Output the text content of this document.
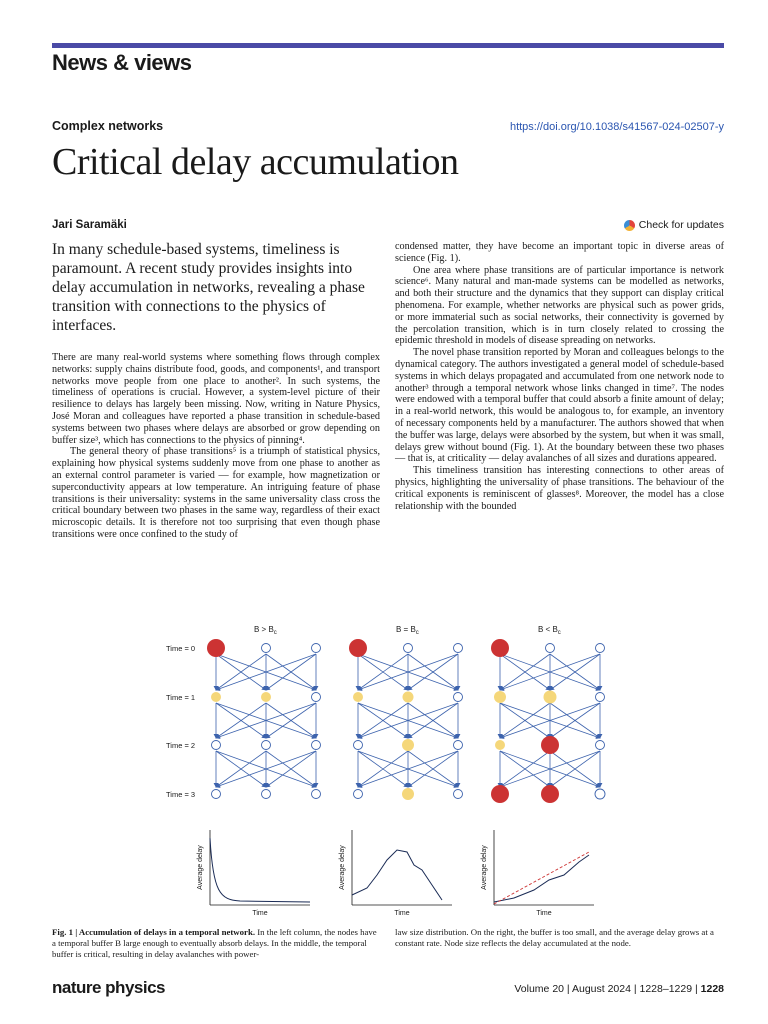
News & views
Complex networks	https://doi.org/10.1038/s41567-024-02507-y
Critical delay accumulation
Jari Saramäki	Check for updates
In many schedule-based systems, timeliness is paramount. A recent study provides insights into delay accumulation in networks, revealing a phase transition with connections to the physics of interfaces.

There are many real-world systems where something flows through complex networks: supply chains distribute food, goods, and components¹, and transport networks move people from one place to another². In such systems, the timeliness of operations is crucial. However, a system-level picture of their resilience to delays has largely been missing. Now, writing in Nature Physics, José Moran and colleagues have reported a phase transition in schedule-based systems between two phases where delays are absorbed or grow depending on buffer size³, which has connections to the physics of pinning⁴.

The general theory of phase transitions⁵ is a triumph of statistical physics, explaining how physical systems suddenly move from one phase to another as an external control parameter is varied — for example, how magnetization or superconductivity appears at low temperature. An intriguing feature of phase transitions is their universality: systems in the same universality class cross the critical boundary between two phases in the same way, regardless of their exact microscopic details. It is therefore not too surprising that even though phase transitions were once confined to the study of

condensed matter, they have become an important topic in diverse areas of science (Fig. 1).

One area where phase transitions are of particular importance is network science⁶. Many natural and man-made systems can be modelled as networks, and both their structure and the dynamics that they support can display critical phenomena. For example, whether networks are physical such as power grids, or more immaterial such as social networks, their connectivity is governed by the percolation transition, which is in turn closely related to crossing the epidemic threshold in models of disease spreading on networks.

The novel phase transition reported by Moran and colleagues belongs to the dynamical category. The authors investigated a general model of schedule-based systems in which delays propagated and accumulated from one network node to another³ through a temporal network whose links changed in time⁷. The nodes were endowed with a temporal buffer that could absorb a finite amount of delay; in a real-world network, this would be analogous to, for example, an inventory of necessary components held by a manufacturer. The authors showed that when the buffer was large, delays were absorbed by the system, but when it was small, delays grew without bound (Fig. 1). At the boundary between these two phases — that is, at criticality — delay avalanches of all sizes and durations appeared.

This timeliness transition has interesting connections to other areas of physics, highlighting the universality of phase transitions. The behaviour of the critical exponents is reminiscent of glasses⁸. Moreover, the model has a close relationship with the bounded

$B > B_c$	$B = B_c$	$B < B_c$
Time = 0
Time = 1
Time = 2
Time = 3
Average delay
Time
Average delay
Time
Average delay
Time
Fig. 1 | Accumulation of delays in a temporal network. In the left column, the nodes have a temporal buffer B large enough to eventually absorb delays. In the middle, the temporal buffer is critical, resulting in delay avalanches with power-
law size distribution. On the right, the buffer is too small, and the average delay grows at a constant rate. Node size reflects the delay accumulated at the node.
nature physics	Volume 20 | August 2024 | 1228–1229 | 1228
